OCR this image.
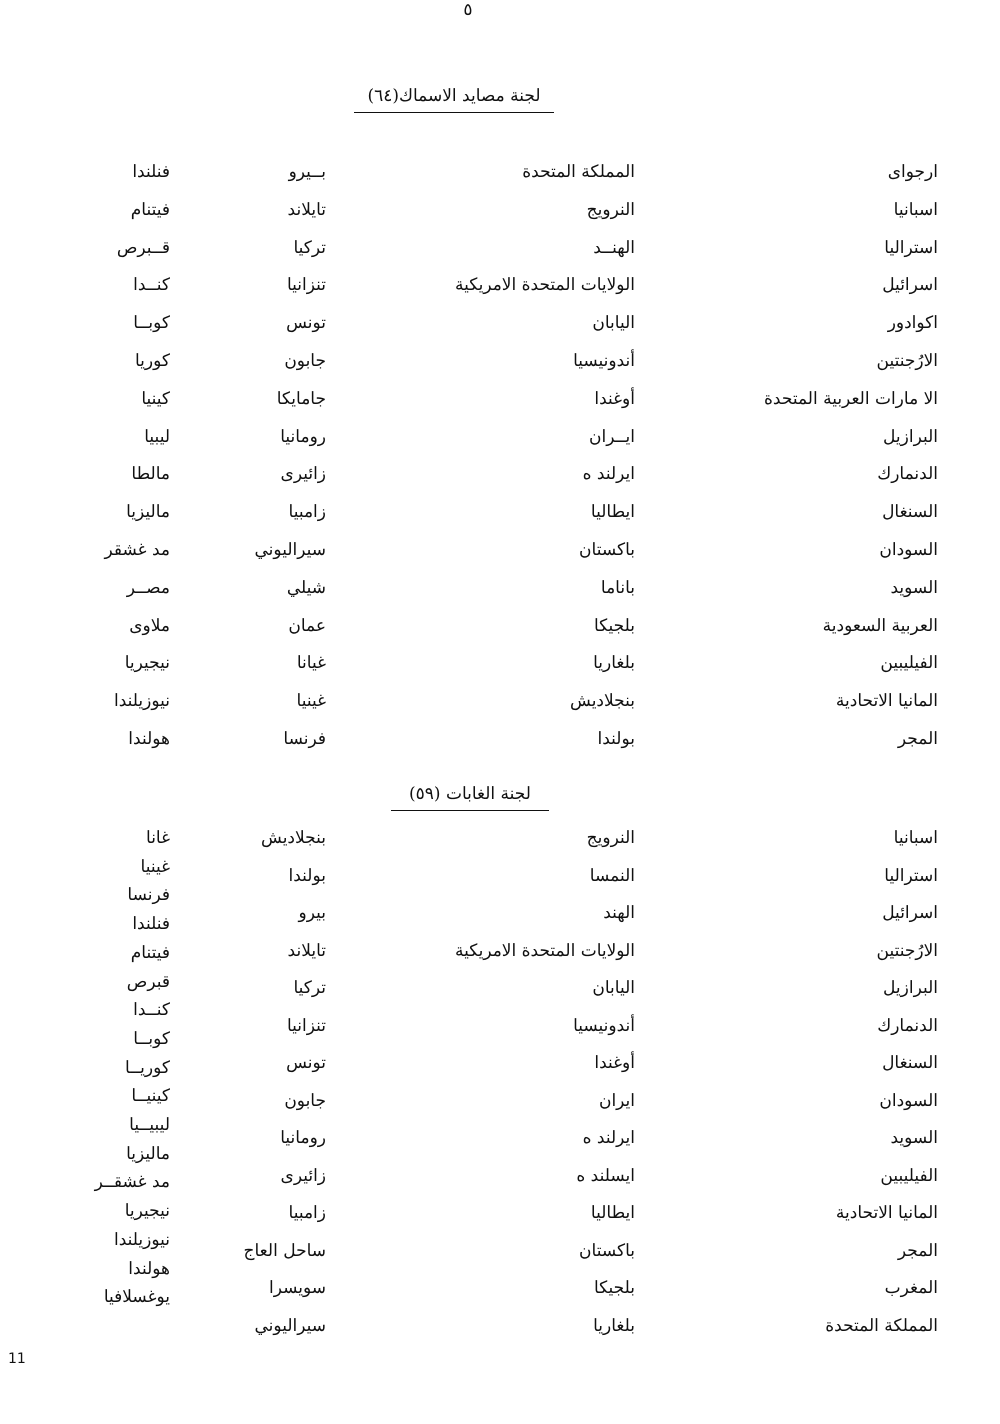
٥
لجنة مصايد الاسماك(٦٤)
ارجواى
اسبانيا
استراليا
اسرائيل
اكوادور
الارُجنتين
الا مارات العربية المتحدة
البرازيل
الدنمارك
السنغال
السودان
السويد
العربية السعودية
الفيليبين
المانيا الاتحادية
المجر
المملكة المتحدة
النرويج
الهنــد
الولايات المتحدة الامريكية
اليابان
أندونيسيا
أوغندا
ايــران
ايرلند ه
ايطاليا
باكستان
باناما
بلجيكا
بلغاريا
بنجلاديش
بولندا
بــيرو
تايلاند
تركيا
تنزانيا
تونس
جابون
جامايكا
رومانيا
زائيرى
زامبيا
سيراليوني
شيلي
عمان
غيانا
غينيا
فرنسا
فنلندا
فيتنام
قــبرص
كنــدا
كوبــا
كوريا
كينيا
ليبيا
مالطا
ماليزيا
مد غشقر
مصــر
ملاوى
نيجيريا
نيوزيلندا
هولندا
لجنة الغابات (٥٩)
اسبانيا
استراليا
اسرائيل
الارُجنتين
البرازيل
الدنمارك
السنغال
السودان
السويد
الفيليبين
المانيا الاتحادية
المجر
المغرب
المملكة المتحدة
النرويج
النمسا
الهند
الولايات المتحدة الامريكية
اليابان
أندونيسيا
أوغندا
ايران
ايرلند ه
ايسلند ه
ايطاليا
باكستان
بلجيكا
بلغاريا
بنجلاديش
بولندا
بيرو
تايلاند
تركيا
تنزانيا
تونس
جابون
رومانيا
زائيرى
زامبيا
ساحل العاج
سويسرا
سيراليوني
غانا
غينيا
فرنسا
فنلندا
فيتنام
قبرص
كنــدا
كوبــا
كوريــا
كينيــا
ليبيــيا
ماليزيا
مد غشقــر
نيجيريا
نيوزيلندا
هولندا
يوغسلافيا
11
